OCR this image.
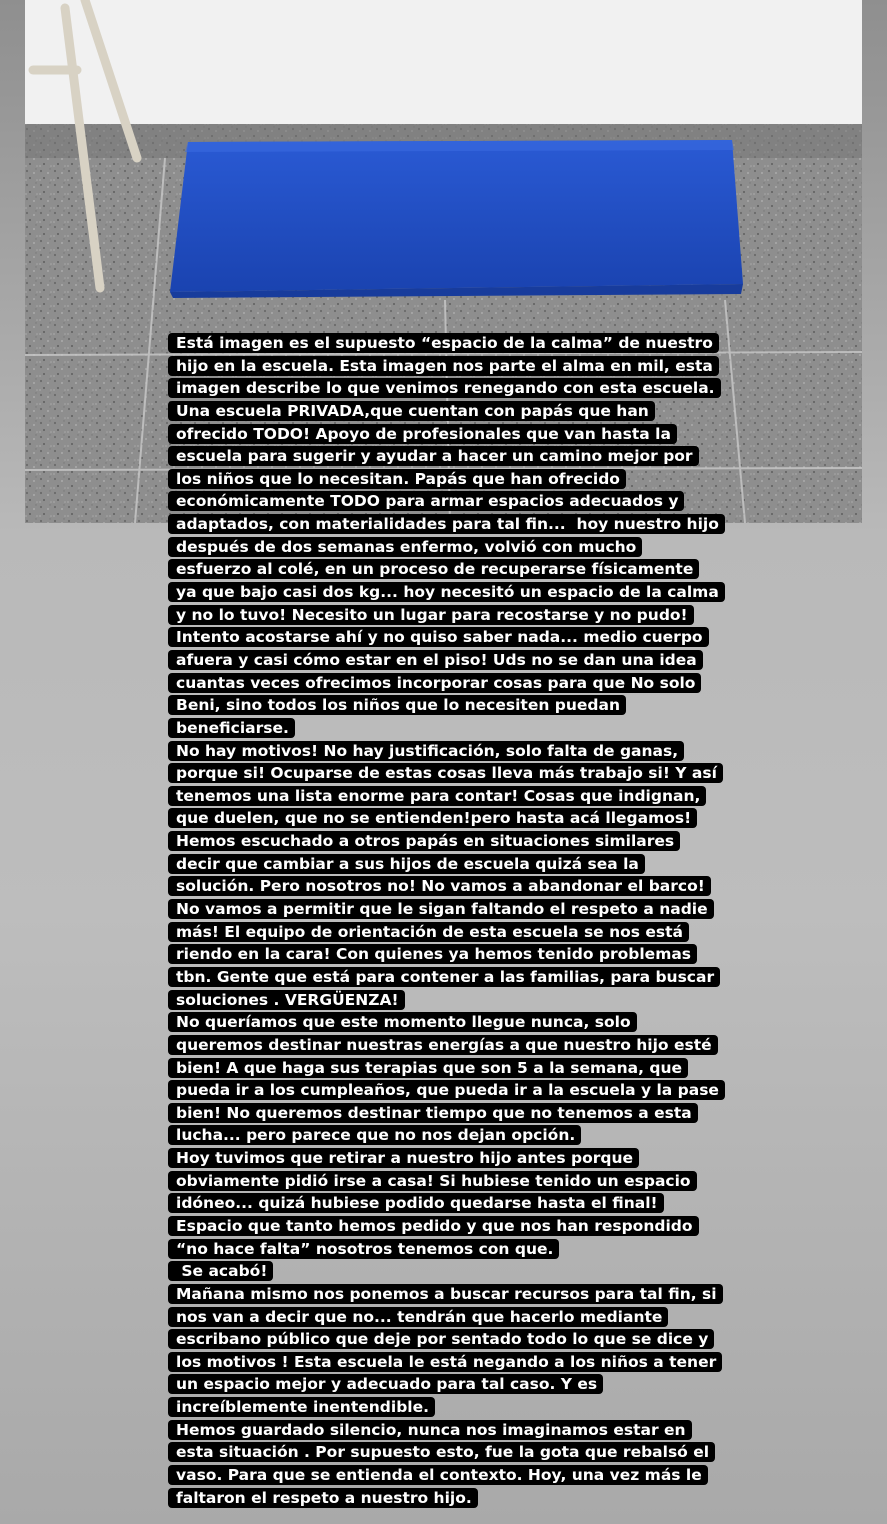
Está imagen es el supuesto “espacio de la calma” de nuestro
hijo en la escuela. Esta imagen nos parte el alma en mil, esta
imagen describe lo que venimos renegando con esta escuela.
Una escuela PRIVADA,que cuentan con papás que han
ofrecido TODO! Apoyo de profesionales que van hasta la
escuela para sugerir y ayudar a hacer un camino mejor por
los niños que lo necesitan. Papás que han ofrecido
económicamente TODO para armar espacios adecuados y
adaptados, con materialidades para tal fin...  hoy nuestro hijo
después de dos semanas enfermo, volvió con mucho
esfuerzo al colé, en un proceso de recuperarse físicamente
ya que bajo casi dos kg... hoy necesitó un espacio de la calma
y no lo tuvo! Necesito un lugar para recostarse y no pudo!
Intento acostarse ahí y no quiso saber nada... medio cuerpo
afuera y casi cómo estar en el piso! Uds no se dan una idea
cuantas veces ofrecimos incorporar cosas para que No solo
Beni, sino todos los niños que lo necesiten puedan
beneficiarse.
No hay motivos! No hay justificación, solo falta de ganas,
porque si! Ocuparse de estas cosas lleva más trabajo si! Y así
tenemos una lista enorme para contar! Cosas que indignan,
que duelen, que no se entienden!pero hasta acá llegamos!
Hemos escuchado a otros papás en situaciones similares
decir que cambiar a sus hijos de escuela quizá sea la
solución. Pero nosotros no! No vamos a abandonar el barco!
No vamos a permitir que le sigan faltando el respeto a nadie
más! El equipo de orientación de esta escuela se nos está
riendo en la cara! Con quienes ya hemos tenido problemas
tbn. Gente que está para contener a las familias, para buscar
soluciones . VERGÜENZA!
No queríamos que este momento llegue nunca, solo
queremos destinar nuestras energías a que nuestro hijo esté
bien! A que haga sus terapias que son 5 a la semana, que
pueda ir a los cumpleaños, que pueda ir a la escuela y la pase
bien! No queremos destinar tiempo que no tenemos a esta
lucha... pero parece que no nos dejan opción.
Hoy tuvimos que retirar a nuestro hijo antes porque
obviamente pidió irse a casa! Si hubiese tenido un espacio
idóneo... quizá hubiese podido quedarse hasta el final!
Espacio que tanto hemos pedido y que nos han respondido
“no hace falta” nosotros tenemos con que.
Se acabó!
Mañana mismo nos ponemos a buscar recursos para tal fin, si
nos van a decir que no... tendrán que hacerlo mediante
escribano público que deje por sentado todo lo que se dice y
los motivos ! Esta escuela le está negando a los niños a tener
un espacio mejor y adecuado para tal caso. Y es
increíblemente inentendible.
Hemos guardado silencio, nunca nos imaginamos estar en
esta situación . Por supuesto esto, fue la gota que rebalsó el
vaso. Para que se entienda el contexto. Hoy, una vez más le
faltaron el respeto a nuestro hijo.
